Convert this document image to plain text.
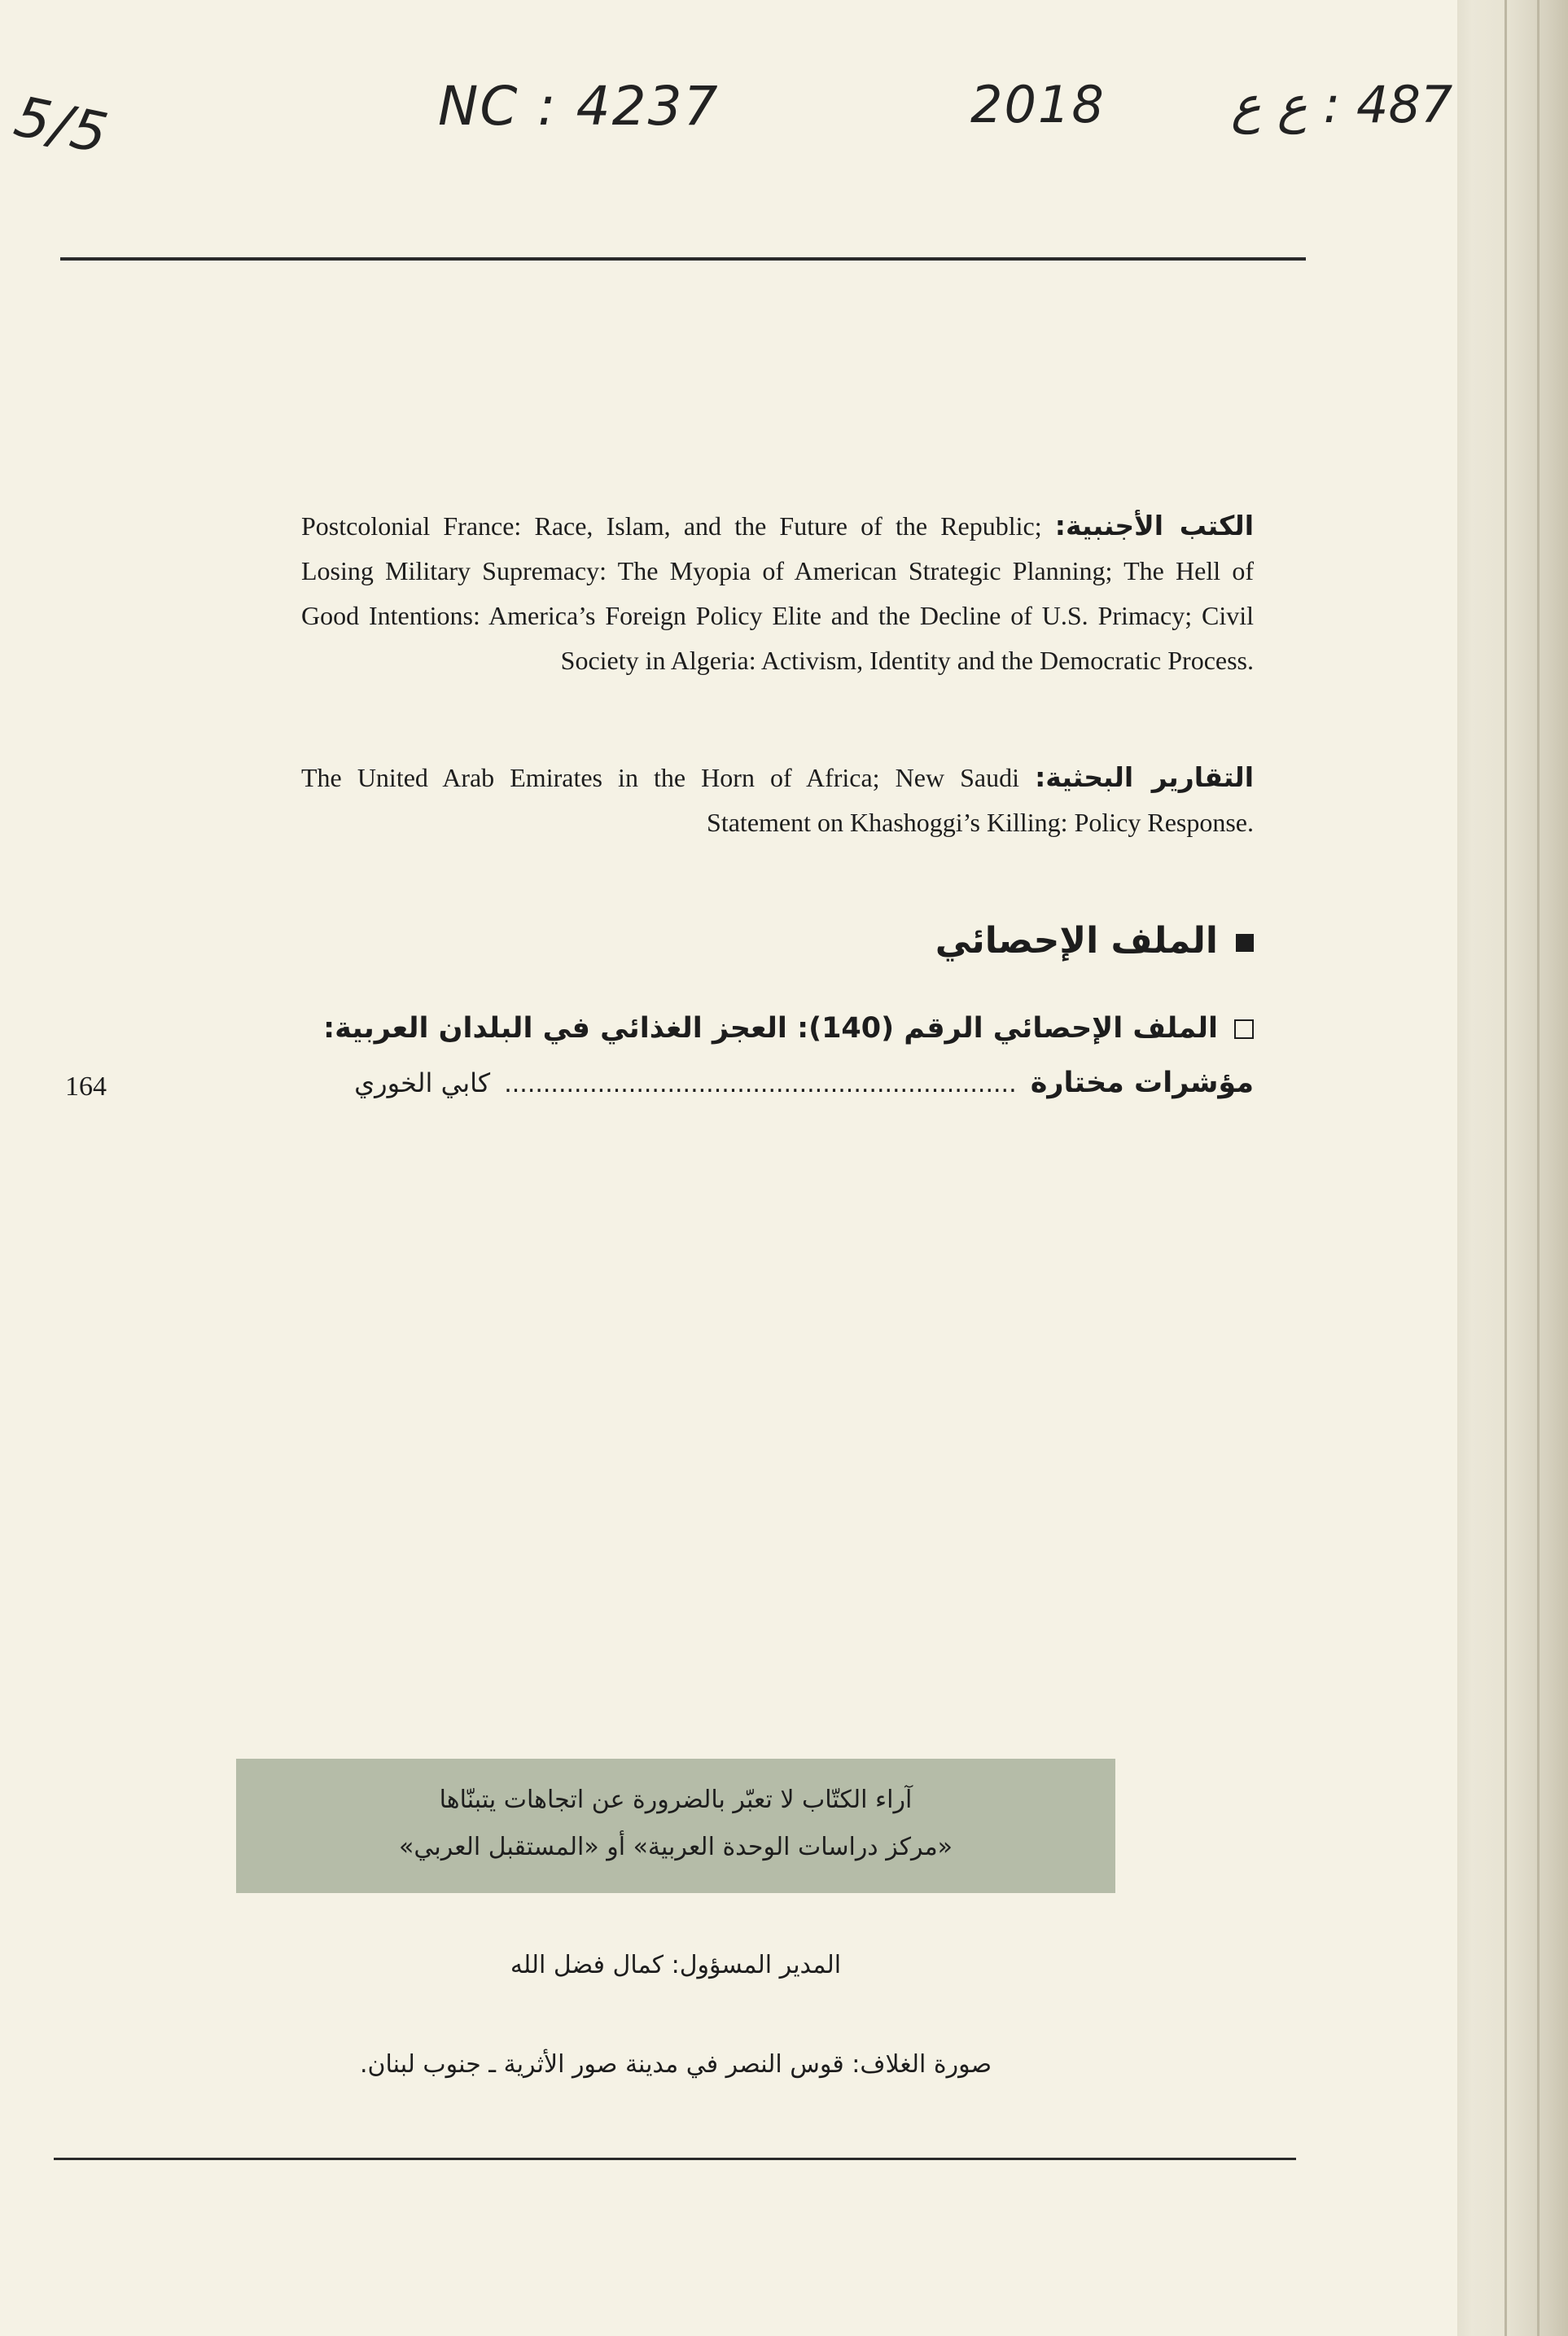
5/5	NC : 4237	2018 487 : ع ع
الكتب الأجنبية: Postcolonial France: Race, Islam, and the Future of the Republic; Losing Military Supremacy: The Myopia of American Strategic Planning; The Hell of Good Intentions: America’s Foreign Policy Elite and the Decline of U.S. Primacy; Civil Society in Algeria: Activism, Identity and the Democratic Process.
التقارير البحثية: The United Arab Emirates in the Horn of Africa; New Saudi Statement on Khashoggi’s Killing: Policy Response.
الملف الإحصائي
الملف الإحصائي الرقم (140): العجز الغذائي في البلدان العربية:
164	مؤشرات مختارة .................................................................. كابي الخوري
آراء الكتّاب لا تعبّر بالضرورة عن اتجاهات يتبنّاها
«مركز دراسات الوحدة العربية» أو «المستقبل العربي»
المدير المسؤول: كمال فضل الله
صورة الغلاف: قوس النصر في مدينة صور الأثرية ـ جنوب لبنان.
